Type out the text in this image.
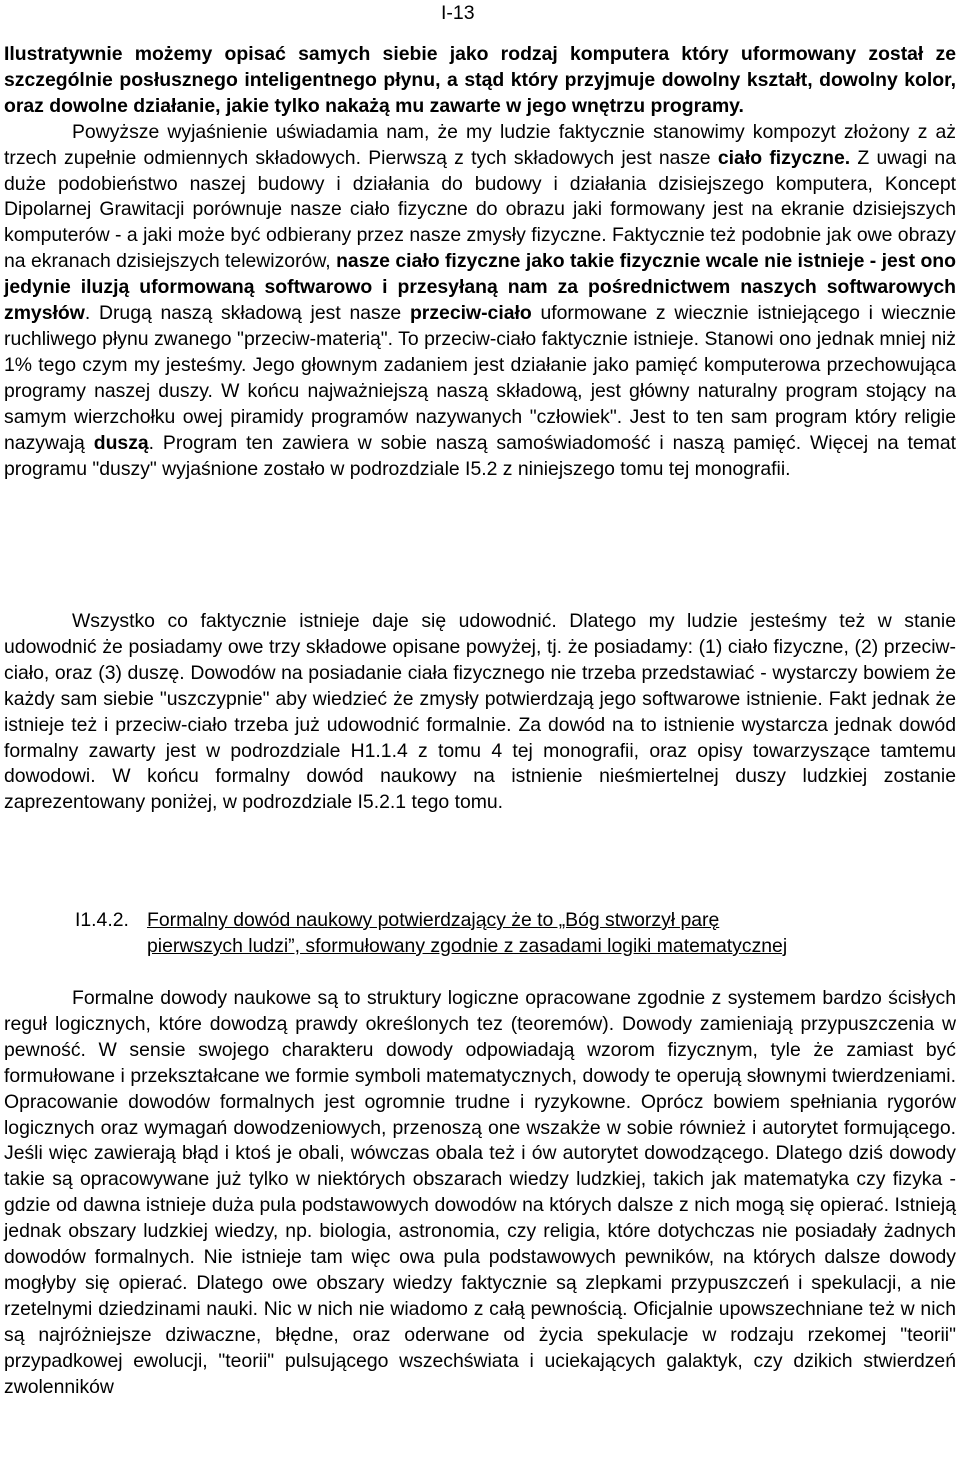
I-13

Ilustratywnie możemy opisać samych siebie jako rodzaj komputera który uformowany został ze szczególnie posłusznego inteligentnego płynu, a stąd który przyjmuje dowolny kształt, dowolny kolor, oraz dowolne działanie, jakie tylko nakażą mu zawarte w jego wnętrzu programy.

Powyższe wyjaśnienie uświadamia nam, że my ludzie faktycznie stanowimy kompozyt złożony z aż trzech zupełnie odmiennych składowych. Pierwszą z tych składowych jest nasze ciało fizyczne. Z uwagi na duże podobieństwo naszej budowy i działania do budowy i działania dzisiejszego komputera, Koncept Dipolarnej Grawitacji porównuje nasze ciało fizyczne do obrazu jaki formowany jest na ekranie dzisiejszych komputerów - a jaki może być odbierany przez nasze zmysły fizyczne. Faktycznie też podobnie jak owe obrazy na ekranach dzisiejszych telewizorów, nasze ciało fizyczne jako takie fizycznie wcale nie istnieje - jest ono jedynie iluzją uformowaną softwarowo i przesyłaną nam za pośrednictwem naszych softwarowych zmysłów. Drugą naszą składową jest nasze przeciw-ciało uformowane z wiecznie istniejącego i wiecznie ruchliwego płynu zwanego "przeciw-materią". To przeciw-ciało faktycznie istnieje. Stanowi ono jednak mniej niż 1% tego czym my jesteśmy. Jego głownym zadaniem jest działanie jako pamięć komputerowa przechowująca programy naszej duszy. W końcu najważniejszą naszą składową, jest główny naturalny program stojący na samym wierzchołku owej piramidy programów nazywanych "człowiek". Jest to ten sam program który religie nazywają duszą. Program ten zawiera w sobie naszą samoświadomość i naszą pamięć. Więcej na temat programu "duszy" wyjaśnione zostało w podrozdziale I5.2 z niniejszego tomu tej monografii.

Wszystko co faktycznie istnieje daje się udowodnić. Dlatego my ludzie jesteśmy też w stanie udowodnić że posiadamy owe trzy składowe opisane powyżej, tj. że posiadamy: (1) ciało fizyczne, (2) przeciw-ciało, oraz (3) duszę. Dowodów na posiadanie ciała fizycznego nie trzeba przedstawiać - wystarczy bowiem że każdy sam siebie "uszczypnie" aby wiedzieć że zmysły potwierdzają jego softwarowe istnienie. Fakt jednak że istnieje też i przeciw-ciało trzeba już udowodnić formalnie. Za dowód na to istnienie wystarcza jednak dowód formalny zawarty jest w podrozdziale H1.1.4 z tomu 4 tej monografii, oraz opisy towarzyszące tamtemu dowodowi. W końcu formalny dowód naukowy na istnienie nieśmiertelnej duszy ludzkiej zostanie zaprezentowany poniżej, w podrozdziale I5.2.1 tego tomu.

I1.4.2. Formalny dowód naukowy potwierdzający że to „Bóg stworzył parę
pierwszych ludzi”, sformułowany zgodnie z zasadami logiki matematycznej

Formalne dowody naukowe są to struktury logiczne opracowane zgodnie z systemem bardzo ścisłych reguł logicznych, które dowodzą prawdy określonych tez (teoremów). Dowody zamieniają przypuszczenia w pewność. W sensie swojego charakteru dowody odpowiadają wzorom fizycznym, tyle że zamiast być formułowane i przekształcane we formie symboli matematycznych, dowody te operują słownymi twierdzeniami. Opracowanie dowodów formalnych jest ogromnie trudne i ryzykowne. Oprócz bowiem spełniania rygorów logicznych oraz wymagań dowodzeniowych, przenoszą one wszakże w sobie również i autorytet formującego. Jeśli więc zawierają błąd i ktoś je obali, wówczas obala też i ów autorytet dowodzącego. Dlatego dziś dowody takie są opracowywane już tylko w niektórych obszarach wiedzy ludzkiej, takich jak matematyka czy fizyka - gdzie od dawna istnieje duża pula podstawowych dowodów na których dalsze z nich mogą się opierać. Istnieją jednak obszary ludzkiej wiedzy, np. biologia, astronomia, czy religia, które dotychczas nie posiadały żadnych dowodów formalnych. Nie istnieje tam więc owa pula podstawowych pewników, na których dalsze dowody mogłyby się opierać. Dlatego owe obszary wiedzy faktycznie są zlepkami przypuszczeń i spekulacji, a nie rzetelnymi dziedzinami nauki. Nic w nich nie wiadomo z całą pewnością. Oficjalnie upowszechniane też w nich są najróżniejsze dziwaczne, błędne, oraz oderwane od życia spekulacje w rodzaju rzekomej "teorii" przypadkowej ewolucji, "teorii" pulsującego wszechświata i uciekających galaktyk, czy dzikich stwierdzeń zwolenników
